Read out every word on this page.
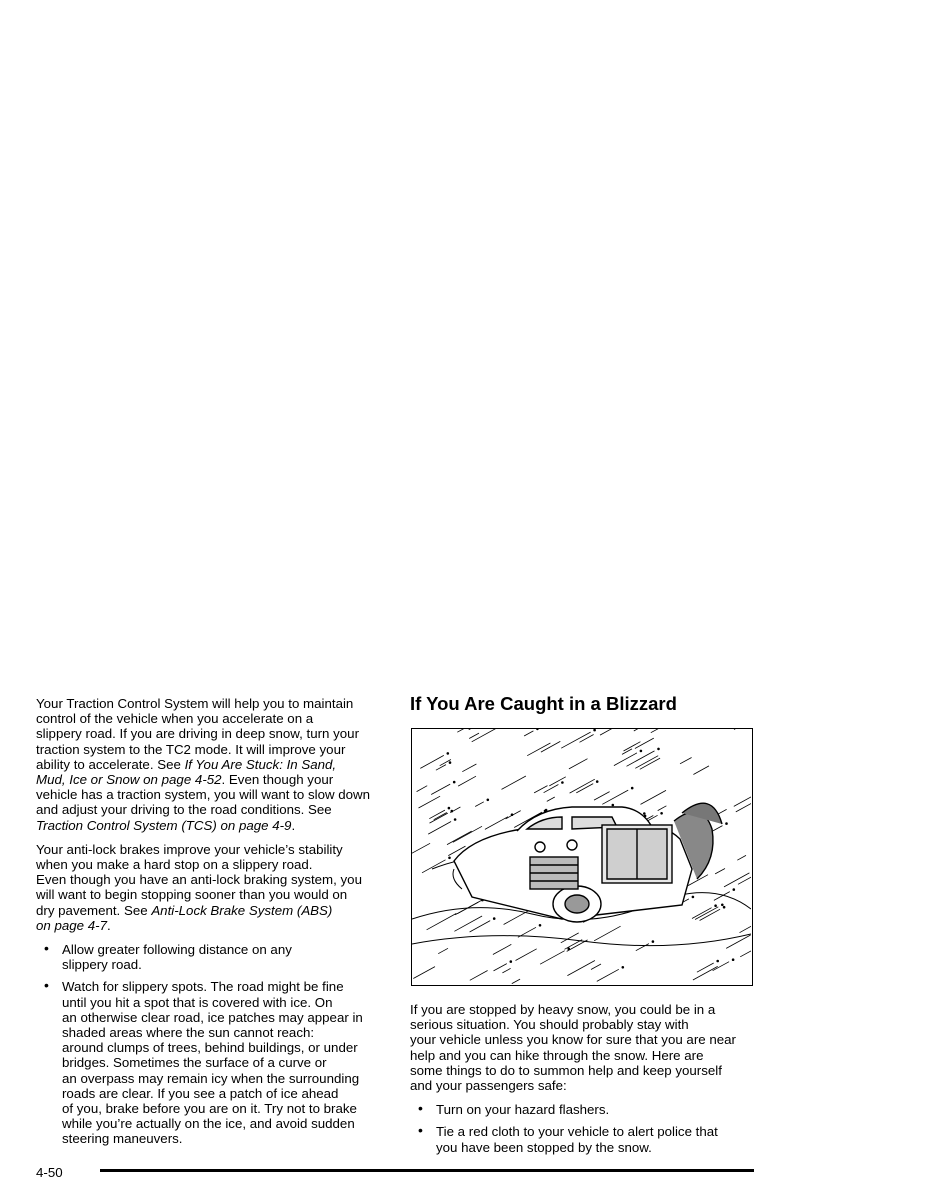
Your Traction Control System will help you to maintain
control of the vehicle when you accelerate on a
slippery road. If you are driving in deep snow, turn your
traction system to the TC2 mode. It will improve your
ability to accelerate. See If You Are Stuck: In Sand,
Mud, Ice or Snow on page 4-52. Even though your
vehicle has a traction system, you will want to slow down
and adjust your driving to the road conditions. See
Traction Control System (TCS) on page 4-9.

Your anti-lock brakes improve your vehicle’s stability
when you make a hard stop on a slippery road.
Even though you have an anti-lock braking system, you
will want to begin stopping sooner than you would on
dry pavement. See Anti-Lock Brake System (ABS)
on page 4-7.

• Allow greater following distance on any
slippery road.
• Watch for slippery spots. The road might be fine
until you hit a spot that is covered with ice. On
an otherwise clear road, ice patches may appear in
shaded areas where the sun cannot reach:
around clumps of trees, behind buildings, or under
bridges. Sometimes the surface of a curve or
an overpass may remain icy when the surrounding
roads are clear. If you see a patch of ice ahead
of you, brake before you are on it. Try not to brake
while you’re actually on the ice, and avoid sudden
steering maneuvers.
If You Are Caught in a Blizzard

If you are stopped by heavy snow, you could be in a
serious situation. You should probably stay with
your vehicle unless you know for sure that you are near
help and you can hike through the snow. Here are
some things to do to summon help and keep yourself
and your passengers safe:

• Turn on your hazard flashers.
• Tie a red cloth to your vehicle to alert police that
you have been stopped by the snow.
4-50
